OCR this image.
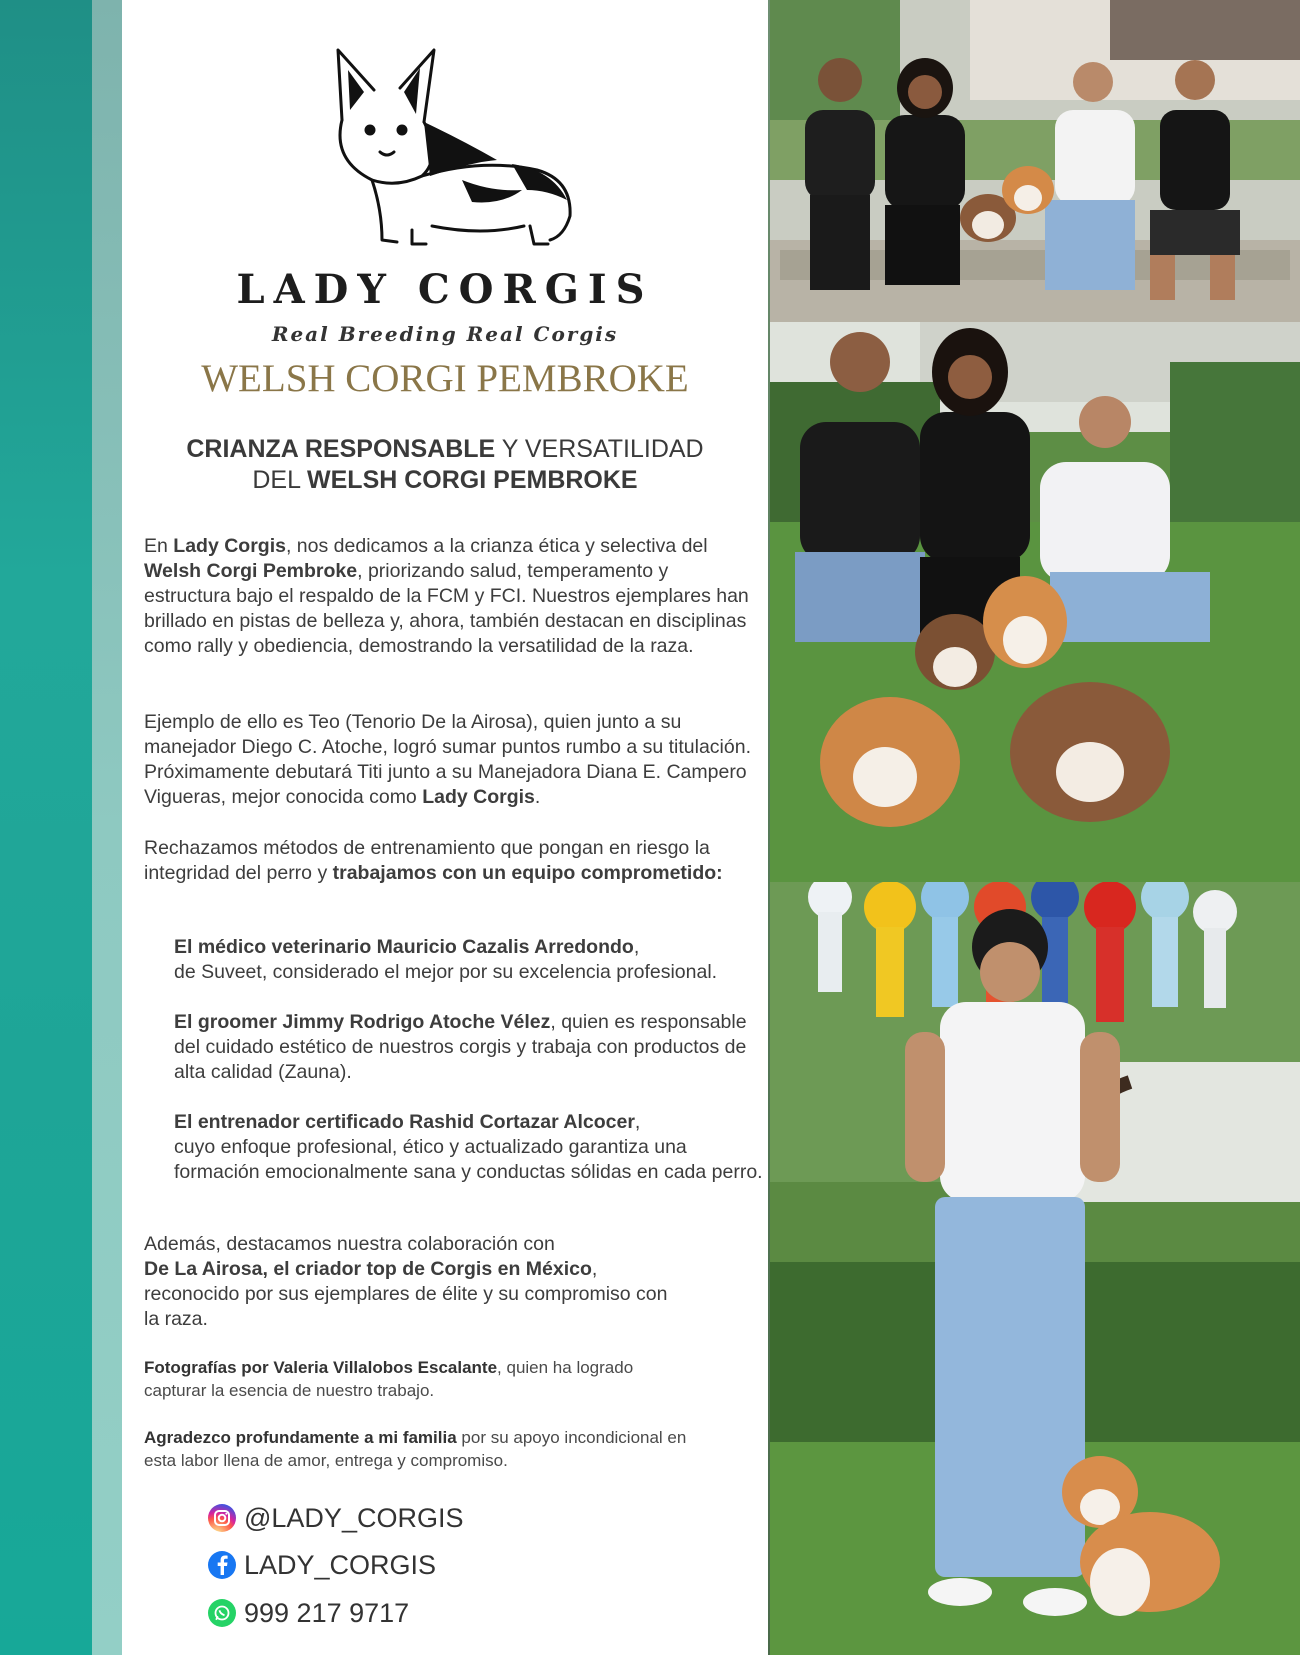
LADY CORGIS
Real Breeding Real Corgis
WELSH CORGI PEMBROKE
CRIANZA RESPONSABLE Y VERSATILIDAD
DEL WELSH CORGI PEMBROKE
En Lady Corgis, nos dedicamos a la crianza ética y selectiva del Welsh Corgi Pembroke, priorizando salud, temperamento y estructura bajo el respaldo de la FCM y FCI. Nuestros ejemplares han brillado en pistas de belleza y, ahora, también destacan en disciplinas como rally y obediencia, demostrando la versatilidad de la raza.
Ejemplo de ello es Teo (Tenorio De la Airosa), quien junto a su manejador Diego C. Atoche, logró sumar puntos rumbo a su titulación. Próximamente debutará Titi junto a su Manejadora Diana E. Campero Vigueras, mejor conocida como Lady Corgis.
Rechazamos métodos de entrenamiento que pongan en riesgo la integridad del perro y trabajamos con un equipo comprometido:
El médico veterinario Mauricio Cazalis Arredondo,
de Suveet, considerado el mejor por su excelencia profesional.
El groomer Jimmy Rodrigo Atoche Vélez, quien es responsable del cuidado estético de nuestros corgis y trabaja con productos de alta calidad (Zauna).
El entrenador certificado Rashid Cortazar Alcocer,
cuyo enfoque profesional, ético y actualizado garantiza una formación emocionalmente sana y conductas sólidas en cada perro.
Además, destacamos nuestra colaboración con
De La Airosa, el criador top de Corgis en México, reconocido por sus ejemplares de élite y su compromiso con la raza.
Fotografías por Valeria Villalobos Escalante, quien ha logrado capturar la esencia de nuestro trabajo.
Agradezco profundamente a mi familia por su apoyo incondicional en esta labor llena de amor, entrega y compromiso.
@LADY_CORGIS
LADY_CORGIS
999 217 9717
